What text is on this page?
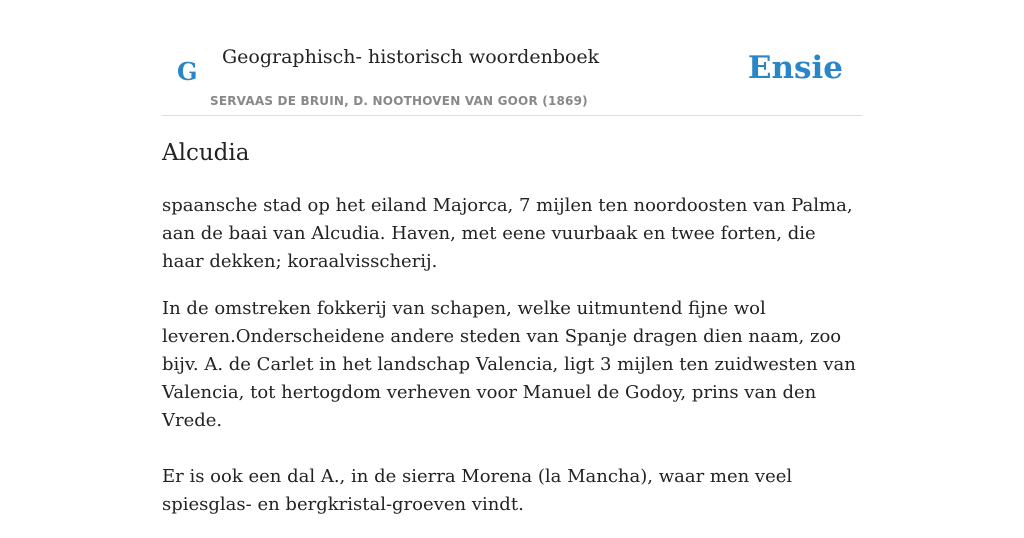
G Geographisch- historisch woordenboek
SERVAAS DE BRUIN, D. NOOTHOVEN VAN GOOR (1869)
Ensie
Alcudia

spaansche stad op het eiland Majorca, 7 mijlen ten noordoosten van Palma, aan de baai van Alcudia. Haven, met eene vuurbaak en twee forten, die haar dekken; koraalvisscherij.

In de omstreken fokkerij van schapen, welke uitmuntend fijne wol leveren.Onderscheidene andere steden van Spanje dragen dien naam, zoo bijv. A. de Carlet in het landschap Valencia, ligt 3 mijlen ten zuidwesten van Valencia, tot hertogdom verheven voor Manuel de Godoy, prins van den Vrede.

Er is ook een dal A., in de sierra Morena (la Mancha), waar men veel spiesglas- en bergkristal-groeven vindt.
